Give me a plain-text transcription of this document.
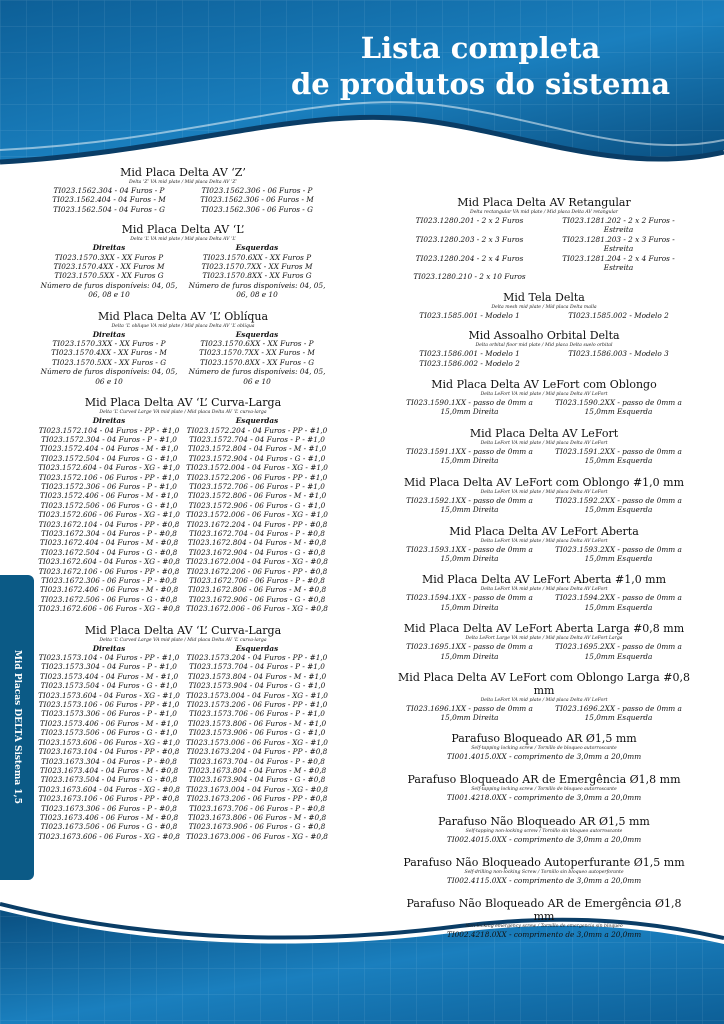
Lista completa
de produtos do sistema
Mid Placas DELTA Sistema 1,5
Mid Placa Delta AV ‘Z’
Delta ‘Z’ VA mid plate / Mid placa Delta AV ‘Z’
TI023.1562.304 - 04 Furos - P	TI023.1562.306 - 06 Furos - P
TI023.1562.404 - 04 Furos - M	TI023.1562.306 - 06 Furos - M
TI023.1562.504 - 04 Furos - G	TI023.1562.306 - 06 Furos - G
Mid Placa Delta AV ‘L’
Delta ‘L’ VA mid plate / Mid placa Delta AV ‘L’
Direitas	Esquerdas
TI023.1570.3XX - XX Furos P	TI023.1570.6XX - XX Furos P
TI023.1570.4XX - XX Furos M	TI023.1570.7XX - XX Furos M
TI023.1570.5XX - XX Furos G	TI023.1570.8XX - XX Furos G
Número de furos disponíveis: 04, 05, 06, 08 e 10
Número de furos disponíveis: 04, 05, 06, 08 e 10
Mid Placa Delta AV ‘L’ Oblíqua
Delta ‘L’ oblique VA mid plate / Mid placa Delta AV ‘L’ oblíqua
Direitas	Esquerdas
TI023.1570.3XX - XX Furos - P	TI023.1570.6XX - XX Furos - P
TI023.1570.4XX - XX Furos - M	TI023.1570.7XX - XX Furos - M
TI023.1570.5XX - XX Furos - G	TI023.1570.8XX - XX Furos - G
Número de furos disponíveis: 04, 05, 06 e 10
Número de furos disponíveis: 04, 05, 06 e 10
Mid Placa Delta AV ‘L’ Curva-Larga
Delta ‘L’ Curved Large VA mid plate / Mid placa Delta AV ‘L’ curva-larga
Direitas	Esquerdas
TI023.1572.104 - 04 Furos - PP - #1,0 TI023.1572.204 - 04 Furos - PP - #1,0
TI023.1572.304 - 04 Furos - P - #1,0	TI023.1572.704 - 04 Furos - P - #1,0
TI023.1572.404 - 04 Furos - M - #1,0 TI023.1572.804 - 04 Furos - M - #1,0
TI023.1572.504 - 04 Furos - G - #1,0	TI023.1572.904 - 04 Furos - G - #1,0
TI023.1572.604 - 04 Furos - XG - #1,0 TI023.1572.004 - 04 Furos - XG - #1,0
TI023.1572.106 - 06 Furos - PP - #1,0 TI023.1572.206 - 06 Furos - PP - #1,0
TI023.1572.306 - 06 Furos - P - #1,0	TI023.1572.706 - 06 Furos - P - #1,0
TI023.1572.406 - 06 Furos - M - #1,0 TI023.1572.806 - 06 Furos - M - #1,0
TI023.1572.506 - 06 Furos - G - #1,0	TI023.1572.906 - 06 Furos - G - #1,0
TI023.1572.606 - 06 Furos - XG - #1,0 TI023.1572.006 - 06 Furos - XG - #1,0
TI023.1672.104 - 04 Furos - PP - #0,8 TI023.1672.204 - 04 Furos - PP - #0,8
TI023.1672.304 - 04 Furos - P - #0,8	TI023.1672.704 - 04 Furos - P - #0,8
TI023.1672.404 - 04 Furos - M - #0,8 TI023.1672.804 - 04 Furos - M - #0,8
TI023.1672.504 - 04 Furos - G - #0,8	TI023.1672.904 - 04 Furos - G - #0,8
TI023.1672.604 - 04 Furos - XG - #0,8 TI023.1672.004 - 04 Furos - XG - #0,8
TI023.1672.106 - 06 Furos - PP - #0,8 TI023.1672.206 - 06 Furos - PP - #0,8
TI023.1672.306 - 06 Furos - P - #0,8	TI023.1672.706 - 06 Furos - P - #0,8
TI023.1672.406 - 06 Furos - M - #0,8 TI023.1672.806 - 06 Furos - M - #0,8
TI023.1672.506 - 06 Furos - G - #0,8	TI023.1672.906 - 06 Furos - G - #0,8
TI023.1672.606 - 06 Furos - XG - #0,8 TI023.1672.006 - 06 Furos - XG - #0,8
Mid Placa Delta AV ‘L’ Curva-Larga
Delta ‘L’ Curved Large VA mid plate / Mid placa Delta AV ‘L’ curva-larga
Direitas	Esquerdas
TI023.1573.104 - 04 Furos - PP - #1,0 TI023.1573.204 - 04 Furos - PP - #1,0
TI023.1573.304 - 04 Furos - P - #1,0	TI023.1573.704 - 04 Furos - P - #1,0
TI023.1573.404 - 04 Furos - M - #1,0 TI023.1573.804 - 04 Furos - M - #1,0
TI023.1573.504 - 04 Furos - G - #1,0	TI023.1573.904 - 04 Furos - G - #1,0
TI023.1573.604 - 04 Furos - XG - #1,0 TI023.1573.004 - 04 Furos - XG - #1,0
TI023.1573.106 - 06 Furos - PP - #1,0 TI023.1573.206 - 06 Furos - PP - #1,0
TI023.1573.306 - 06 Furos - P - #1,0	TI023.1573.706 - 06 Furos - P - #1,0
TI023.1573.406 - 06 Furos - M - #1,0 TI023.1573.806 - 06 Furos - M - #1,0
TI023.1573.506 - 06 Furos - G - #1,0	TI023.1573.906 - 06 Furos - G - #1,0
TI023.1573.606 - 06 Furos - XG - #1,0 TI023.1573.006 - 06 Furos - XG - #1,0
TI023.1673.104 - 04 Furos - PP - #0,8 TI023.1673.204 - 04 Furos - PP - #0,8
TI023.1673.304 - 04 Furos - P - #0,8	TI023.1673.704 - 04 Furos - P - #0,8
TI023.1673.404 - 04 Furos - M - #0,8 TI023.1673.804 - 04 Furos - M - #0,8
TI023.1673.504 - 04 Furos - G - #0,8	TI023.1673.904 - 04 Furos - G - #0,8
TI023.1673.604 - 04 Furos - XG - #0,8 TI023.1673.004 - 04 Furos - XG - #0,8
TI023.1673.106 - 06 Furos - PP - #0,8 TI023.1673.206 - 06 Furos - PP - #0,8
TI023.1673.306 - 06 Furos - P - #0,8	TI023.1673.706 - 06 Furos - P - #0,8
TI023.1673.406 - 06 Furos - M - #0,8 TI023.1673.806 - 06 Furos - M - #0,8
TI023.1673.506 - 06 Furos - G - #0,8	TI023.1673.906 - 06 Furos - G - #0,8
TI023.1673.606 - 06 Furos - XG - #0,8 TI023.1673.006 - 06 Furos - XG - #0,8
Mid Placa Delta AV Retangular
Delta rectangular VA mid plate / Mid placa Delta AV retangular
TI023.1280.201 - 2 x 2 Furos	TI023.1281.202 - 2 x 2 Furos - Estreita
TI023.1280.203 - 2 x 3 Furos	TI023.1281.203 - 2 x 3 Furos - Estreita
TI023.1280.204 - 2 x 4 Furos	TI023.1281.204 - 2 x 4 Furos - Estreita
TI023.1280.210 - 2 x 10 Furos
Mid Tela Delta
Delta mesh mid plate / Mid placa Delta malla
TI023.1585.001 - Modelo 1	TI023.1585.002 - Modelo 2
Mid Assoalho Orbital Delta
Delta orbital floor mid plate / Mid placa Delta suelo orbital
TI023.1586.001 - Modelo 1	TI023.1586.003 - Modelo 3
TI023.1586.002 - Modelo 2
Mid Placa Delta AV LeFort com Oblongo
Delta LeFort VA mid plate / Mid placa Delta AV LeFort
TI023.1590.1XX - passo de 0mm a 15,0mm Direita
TI023.1590.2XX - passo de 0mm a 15,0mm Esquerda
Mid Placa Delta AV LeFort
Delta LeFort VA mid plate / Mid placa Delta AV LeFort
TI023.1591.1XX - passo de 0mm a 15,0mm Direita
TI023.1591.2XX - passo de 0mm a 15,0mm Esquerda
Mid Placa Delta AV LeFort com Oblongo #1,0 mm
Delta LeFort VA mid plate / Mid placa Delta AV LeFort
TI023.1592.1XX - passo de 0mm a 15,0mm Direita
TI023.1592.2XX - passo de 0mm a 15,0mm Esquerda
Mid Placa Delta AV LeFort Aberta
Delta LeFort VA mid plate / Mid placa Delta AV LeFort
TI023.1593.1XX - passo de 0mm a 15,0mm Direita
TI023.1593.2XX - passo de 0mm a 15,0mm Esquerda
Mid Placa Delta AV LeFort Aberta #1,0 mm
Delta LeFort VA mid plate / Mid placa Delta AV LeFort
TI023.1594.1XX - passo de 0mm a 15,0mm Direita
TI023.1594.2XX - passo de 0mm a 15,0mm Esquerda
Mid Placa Delta AV LeFort Aberta Larga #0,8 mm
Delta LeFort Large VA mid plate / Mid placa Delta AV LeFort Larga
TI023.1695.1XX - passo de 0mm a 15,0mm Direita
TI023.1695.2XX - passo de 0mm a 15,0mm Esquerda
Mid Placa Delta AV LeFort com Oblongo Larga #0,8 mm
Delta LeFort VA mid plate / Mid placa Delta AV LeFort
TI023.1696.1XX - passo de 0mm a 15,0mm Direita
TI023.1696.2XX - passo de 0mm a 15,0mm Esquerda
Parafuso Bloqueado AR Ø1,5 mm
Self-tapping locking screw / Tornillo de bloqueo autorroscante
TI001.4015.0XX - comprimento de 3,0mm a 20,0mm
Parafuso Bloqueado AR de Emergência Ø1,8 mm
Self-tapping locking screw / Tornillo de bloqueo autorroscante
TI001.4218.0XX - comprimento de 3,0mm a 20,0mm
Parafuso Não Bloqueado AR Ø1,5 mm
Self-tapping non-locking screw / Tornillo sin bloqueo autorroscante
TI002.4015.0XX - comprimento de 3,0mm a 20,0mm
Parafuso Não Bloqueado Autoperfurante Ø1,5 mm
Self-drilling non-locking Screw / Tornillo sin bloqueo autoperforante
TI002.4115.0XX - comprimento de 3,0mm a 20,0mm
Parafuso Não Bloqueado AR de Emergência Ø1,8 mm
Non-locking emergency screw / Tornillo de emergencia sin bloqueo
TI002.4218.0XX - comprimento de 3,0mm a 20,0mm
